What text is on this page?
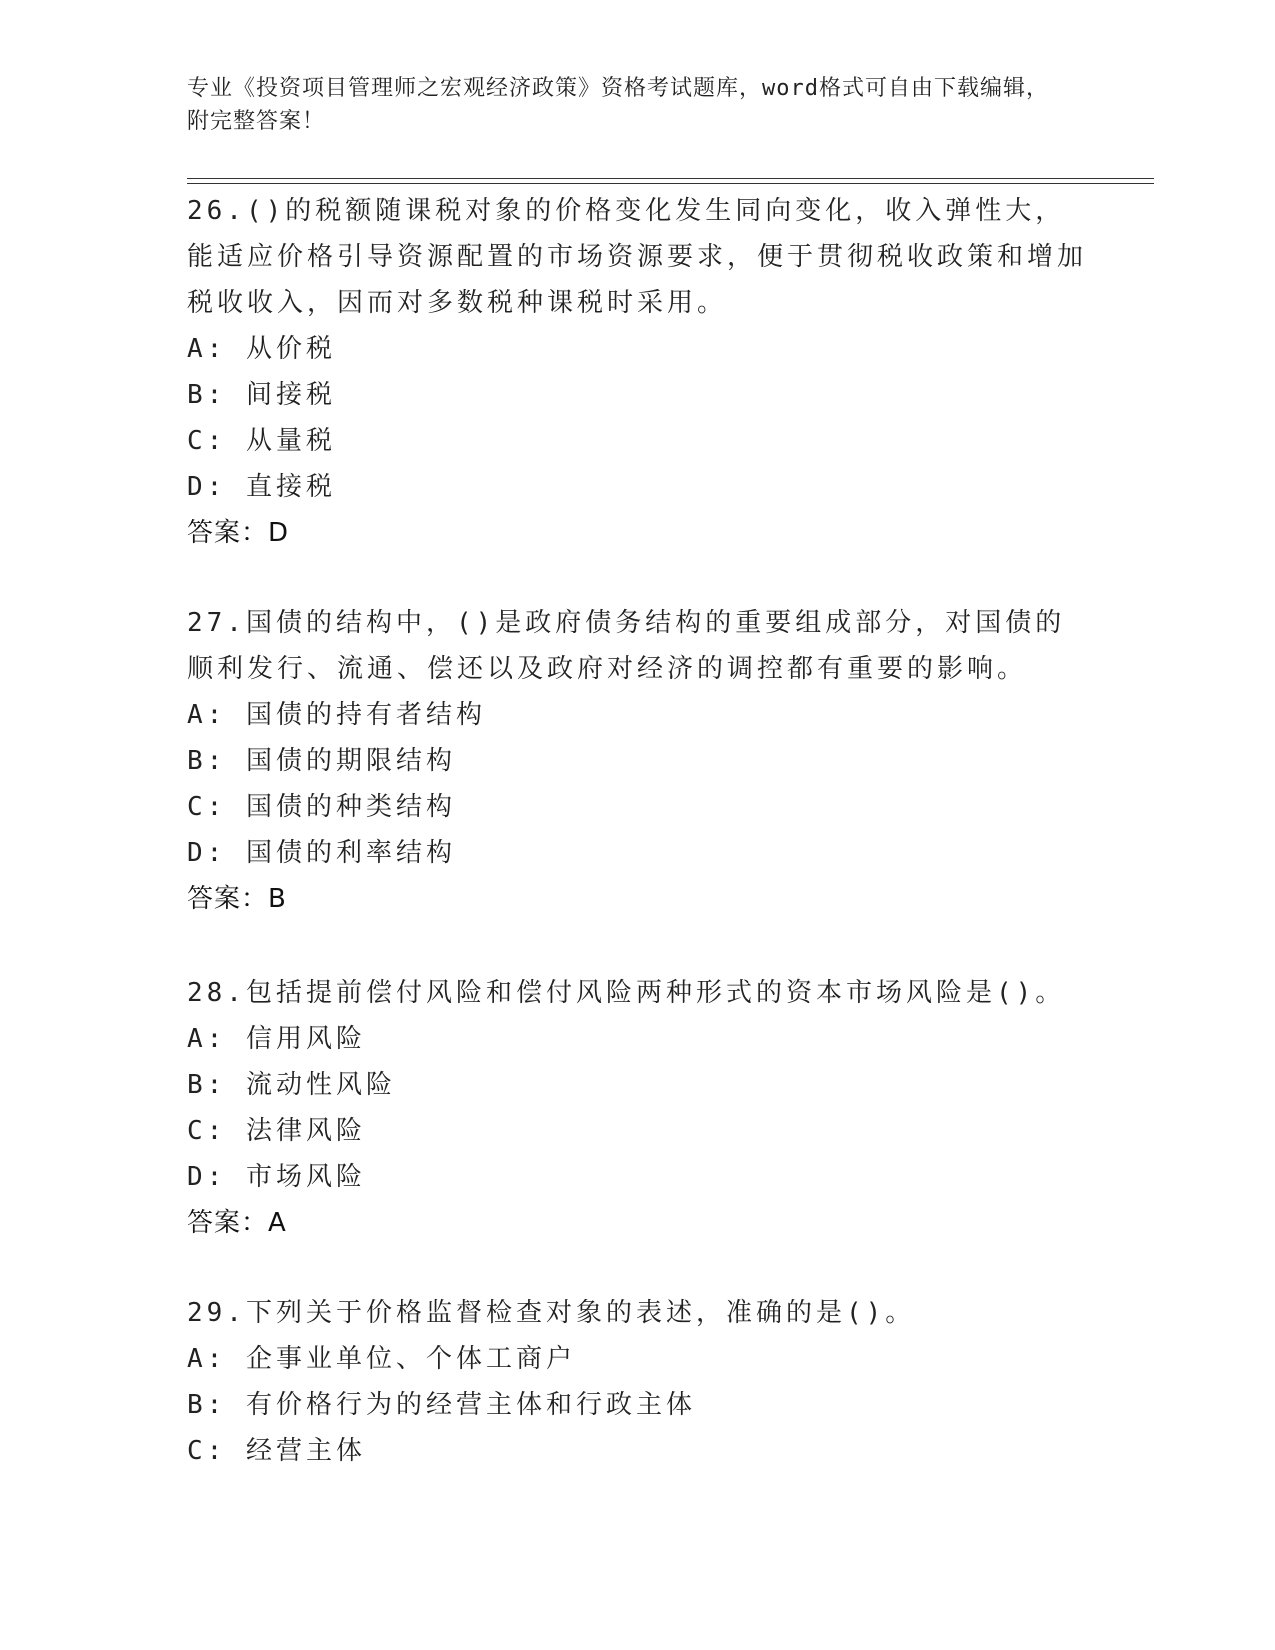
专业《投资项目管理师之宏观经济政策》资格考试题库，word格式可自由下载编辑，附完整答案！
26.()的税额随课税对象的价格变化发生同向变化，收入弹性大，能适应价格引导资源配置的市场资源要求，便于贯彻税收政策和增加税收收入，因而对多数税种课税时采用。
A: 从价税
B: 间接税
C: 从量税
D: 直接税
答案：D
27.国债的结构中，()是政府债务结构的重要组成部分，对国债的顺利发行、流通、偿还以及政府对经济的调控都有重要的影响。
A: 国债的持有者结构
B: 国债的期限结构
C: 国债的种类结构
D: 国债的利率结构
答案：B
28.包括提前偿付风险和偿付风险两种形式的资本市场风险是()。
A: 信用风险
B: 流动性风险
C: 法律风险
D: 市场风险
答案：A
29.下列关于价格监督检查对象的表述，准确的是()。
A: 企事业单位、个体工商户
B: 有价格行为的经营主体和行政主体
C: 经营主体
